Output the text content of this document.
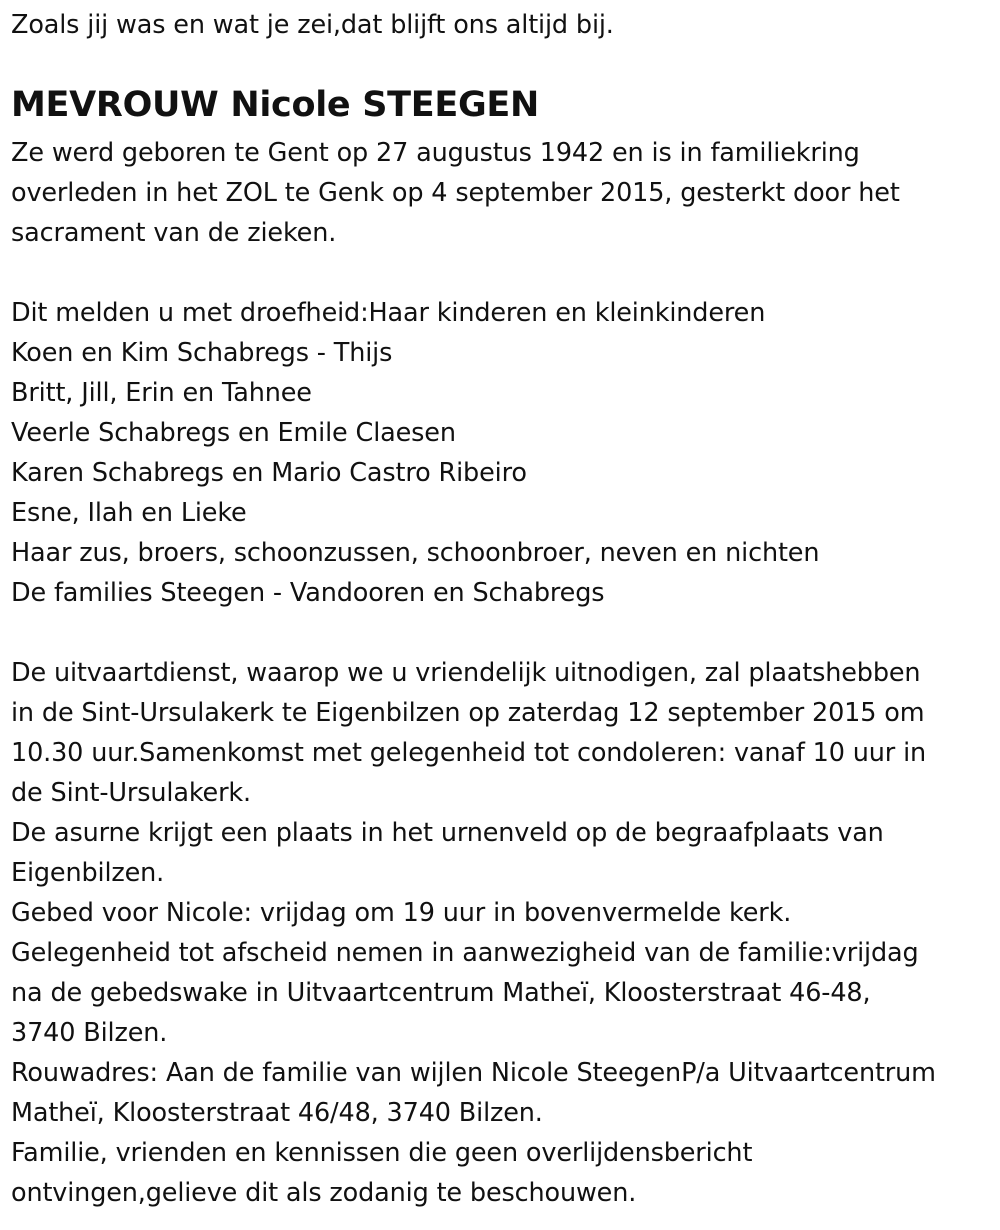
Zoals jij was en wat je zei,dat blijft ons altijd bij.
MEVROUW Nicole STEEGEN
Ze werd geboren te Gent op 27 augustus 1942 en is in familiekring
overleden in het ZOL te Genk op 4 september 2015, gesterkt door het
sacrament van de zieken.
Dit melden u met droefheid:Haar kinderen en kleinkinderen
Koen en Kim Schabregs - Thijs
Britt, Jill, Erin en Tahnee
Veerle Schabregs en Emile Claesen
Karen Schabregs en Mario Castro Ribeiro
Esne, Ilah en Lieke
Haar zus, broers, schoonzussen, schoonbroer, neven en nichten
De families Steegen - Vandooren en Schabregs
De uitvaartdienst, waarop we u vriendelijk uitnodigen, zal plaatshebben
in de Sint-Ursulakerk te Eigenbilzen op zaterdag 12 september 2015 om
10.30 uur.Samenkomst met gelegenheid tot condoleren: vanaf 10 uur in
de Sint-Ursulakerk.
De asurne krijgt een plaats in het urnenveld op de begraafplaats van
Eigenbilzen.
Gebed voor Nicole: vrijdag om 19 uur in bovenvermelde kerk.
Gelegenheid tot afscheid nemen in aanwezigheid van de familie:vrijdag
na de gebedswake in Uitvaartcentrum Matheï, Kloosterstraat 46-48,
3740 Bilzen.
Rouwadres: Aan de familie van wijlen Nicole SteegenP/a Uitvaartcentrum
Matheï, Kloosterstraat 46/48, 3740 Bilzen.
Familie, vrienden en kennissen die geen overlijdensbericht
ontvingen,gelieve dit als zodanig te beschouwen.
